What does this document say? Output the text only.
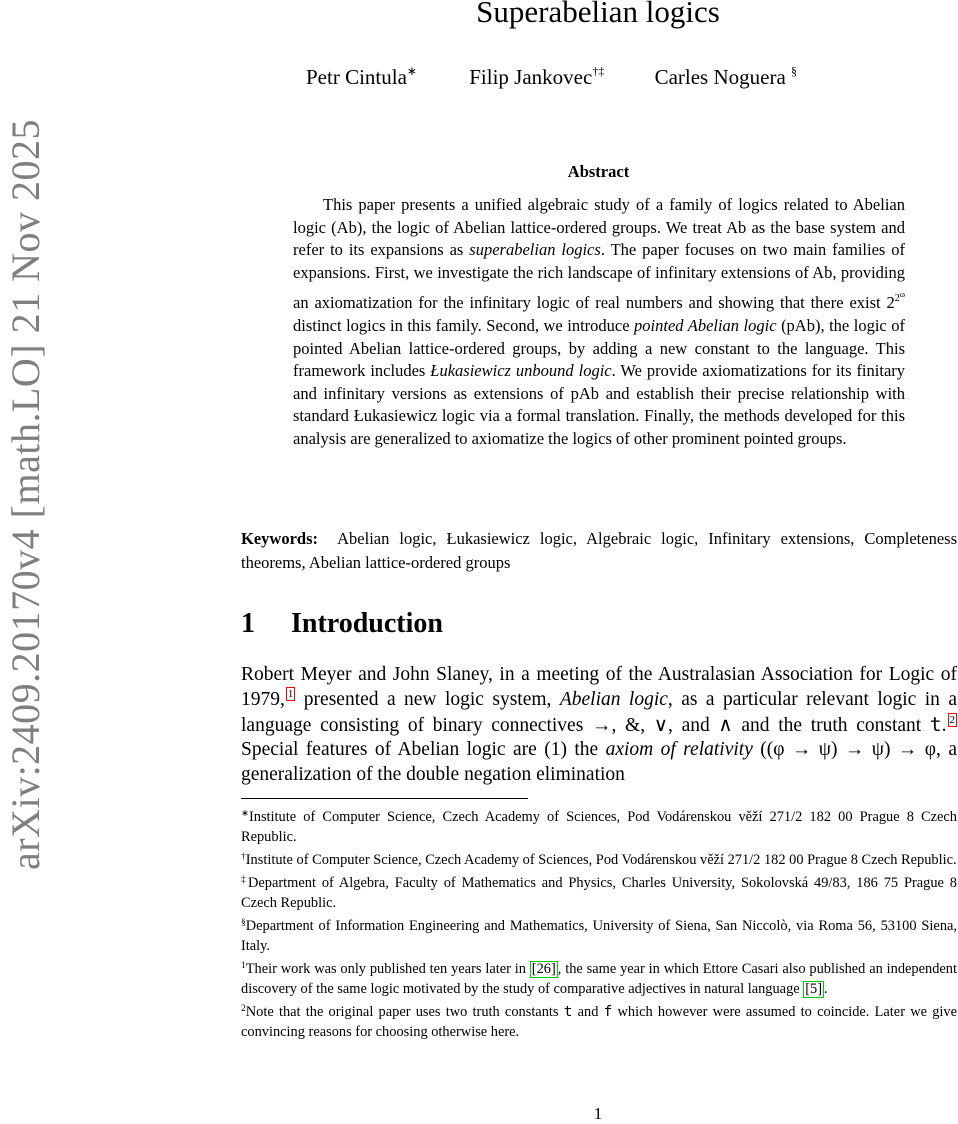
arXiv:2409.20170v4 [math.LO] 21 Nov 2025
Superabelian logics
Petr Cintula∗ Filip Jankovec†‡ Carles Noguera §
Abstract

This paper presents a unified algebraic study of a family of logics related to Abelian logic (Ab), the logic of Abelian lattice-ordered groups. We treat Ab as the base system and refer to its expansions as superabelian logics. The paper focuses on two main families of expansions. First, we investigate the rich landscape of infinitary extensions of Ab, providing an axiomatization for the infinitary logic of real numbers and showing that there exist $2^{2^\omega}$ distinct logics in this family. Second, we introduce pointed Abelian logic (pAb), the logic of pointed Abelian lattice-ordered groups, by adding a new constant to the language. This framework includes Łukasiewicz unbound logic. We provide axiomatizations for its finitary and infinitary versions as extensions of pAb and establish their precise relationship with standard Łukasiewicz logic via a formal translation. Finally, the methods developed for this analysis are generalized to axiomatize the logics of other prominent pointed groups.

Keywords: Abelian logic, Łukasiewicz logic, Algebraic logic, Infinitary extensions, Completeness theorems, Abelian lattice-ordered groups

1 Introduction

Robert Meyer and John Slaney, in a meeting of the Australasian Association for Logic of 1979, 1 presented a new logic system, Abelian logic, as a particular relevant logic in a language consisting of binary connectives →, &, ∨, and ∧ and the truth constant t. 2 Special features of Abelian logic are (1) the axiom of relativity ((φ → ψ) → ψ) → φ, a generalization of the double negation elimination

∗Institute of Computer Science, Czech Academy of Sciences, Pod Vodárenskou věží 271/2 182 00 Prague 8 Czech Republic.

†Institute of Computer Science, Czech Academy of Sciences, Pod Vodárenskou věží 271/2 182 00 Prague 8 Czech Republic.

‡Department of Algebra, Faculty of Mathematics and Physics, Charles University, Sokolovská 49/83, 186 75 Prague 8 Czech Republic.

§Department of Information Engineering and Mathematics, University of Siena, San Niccolò, via Roma 56, 53100 Siena, Italy.

$^1$Their work was only published ten years later in [26] , the same year in which Ettore Casari also published an independent discovery of the same logic motivated by the study of comparative adjectives in natural language [5] .

$^2$Note that the original paper uses two truth constants t and f which however were assumed to coincide. Later we give convincing reasons for choosing otherwise here.

1
